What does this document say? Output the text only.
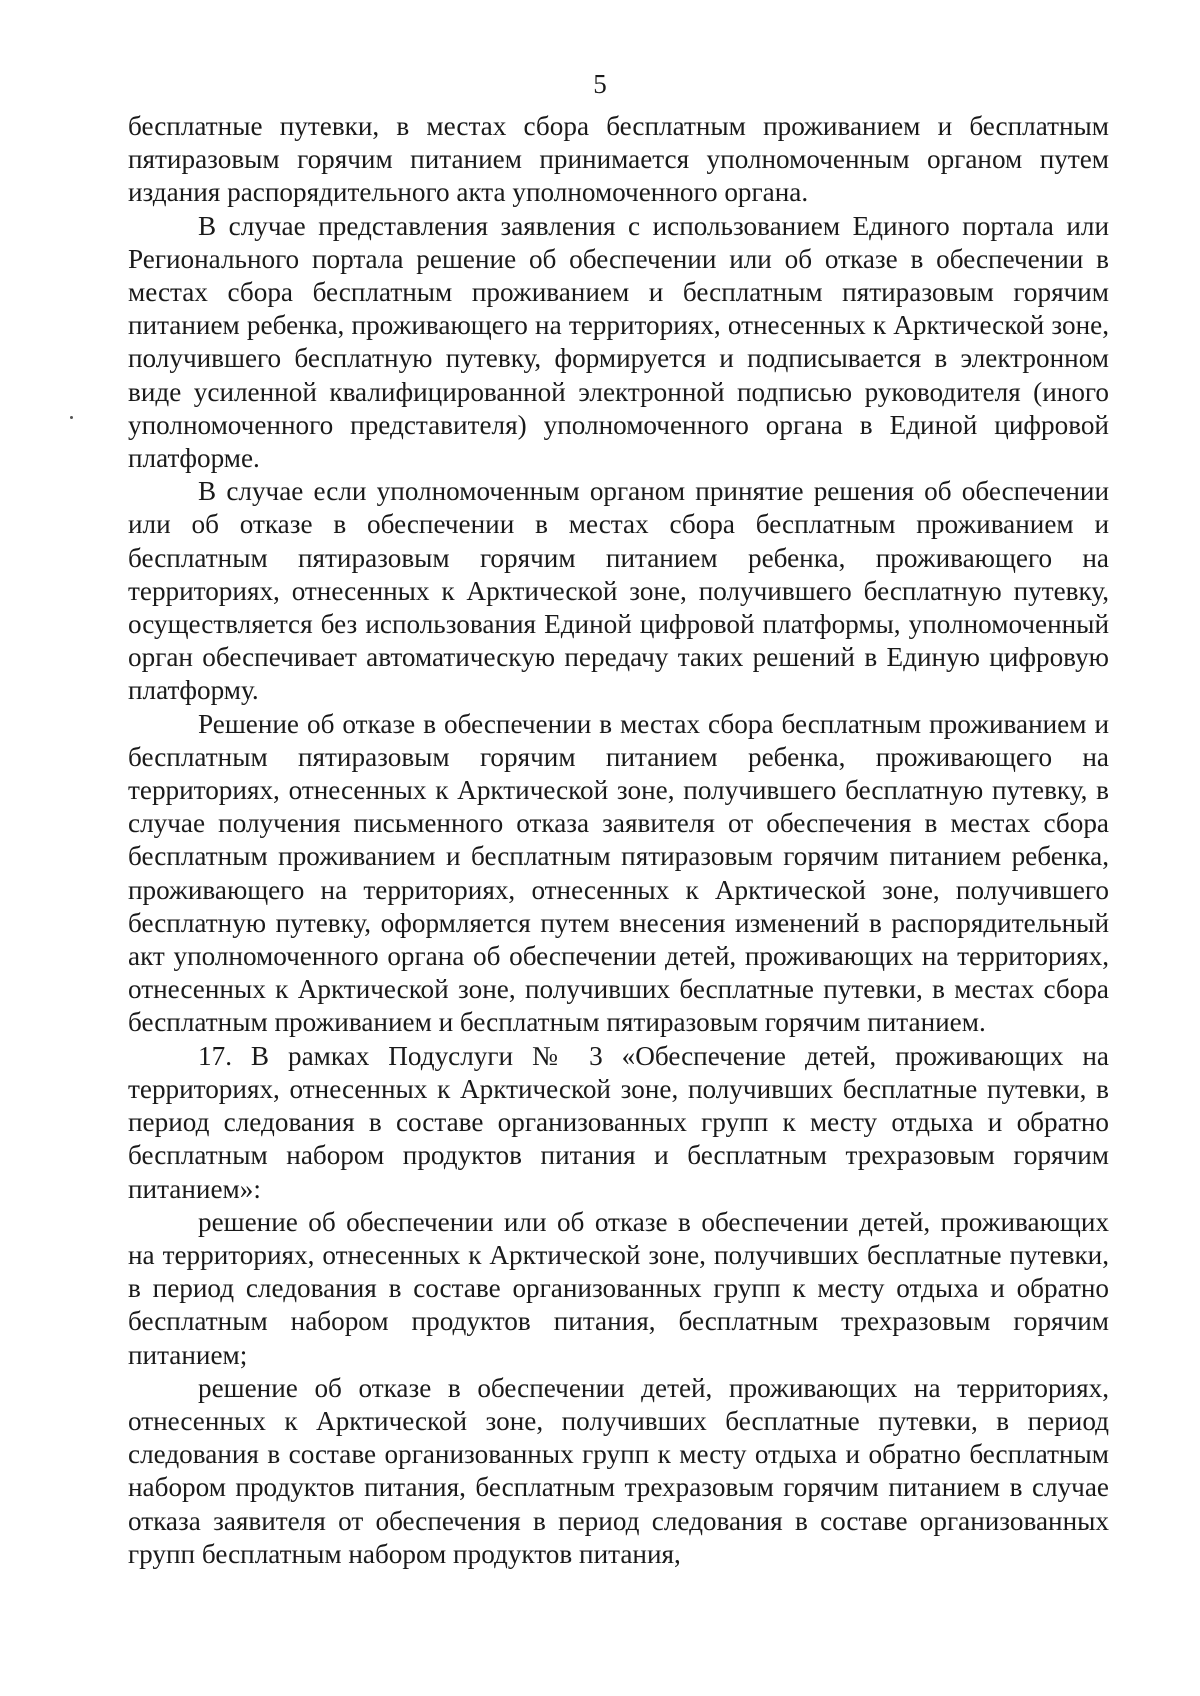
5

бесплатные путевки, в местах сбора бесплатным проживанием и бесплатным пятиразовым горячим питанием принимается уполномоченным органом путем издания распорядительного акта уполномоченного органа.

В случае представления заявления с использованием Единого портала или Регионального портала решение об обеспечении или об отказе в обеспечении в местах сбора бесплатным проживанием и бесплатным пятиразовым горячим питанием ребенка, проживающего на территориях, отнесенных к Арктической зоне, получившего бесплатную путевку, формируется и подписывается в электронном виде усиленной квалифицированной электронной подписью руководителя (иного уполномоченного представителя) уполномоченного органа в Единой цифровой платформе.

В случае если уполномоченным органом принятие решения об обеспечении или об отказе в обеспечении в местах сбора бесплатным проживанием и бесплатным пятиразовым горячим питанием ребенка, проживающего на территориях, отнесенных к Арктической зоне, получившего бесплатную путевку, осуществляется без использования Единой цифровой платформы, уполномоченный орган обеспечивает автоматическую передачу таких решений в Единую цифровую платформу.

Решение об отказе в обеспечении в местах сбора бесплатным проживанием и бесплатным пятиразовым горячим питанием ребенка, проживающего на территориях, отнесенных к Арктической зоне, получившего бесплатную путевку, в случае получения письменного отказа заявителя от обеспечения в местах сбора бесплатным проживанием и бесплатным пятиразовым горячим питанием ребенка, проживающего на территориях, отнесенных к Арктической зоне, получившего бесплатную путевку, оформляется путем внесения изменений в распорядительный акт уполномоченного органа об обеспечении детей, проживающих на территориях, отнесенных к Арктической зоне, получивших бесплатные путевки, в местах сбора бесплатным проживанием и бесплатным пятиразовым горячим питанием.

17. В рамках Подуслуги № 3 «Обеспечение детей, проживающих на территориях, отнесенных к Арктической зоне, получивших бесплатные путевки, в период следования в составе организованных групп к месту отдыха и обратно бесплатным набором продуктов питания и бесплатным трехразовым горячим питанием»:

решение об обеспечении или об отказе в обеспечении детей, проживающих на территориях, отнесенных к Арктической зоне, получивших бесплатные путевки, в период следования в составе организованных групп к месту отдыха и обратно бесплатным набором продуктов питания, бесплатным трехразовым горячим питанием;

решение об отказе в обеспечении детей, проживающих на территориях, отнесенных к Арктической зоне, получивших бесплатные путевки, в период следования в составе организованных групп к месту отдыха и обратно бесплатным набором продуктов питания, бесплатным трехразовым горячим питанием в случае отказа заявителя от обеспечения в период следования в составе организованных групп бесплатным набором продуктов питания,
